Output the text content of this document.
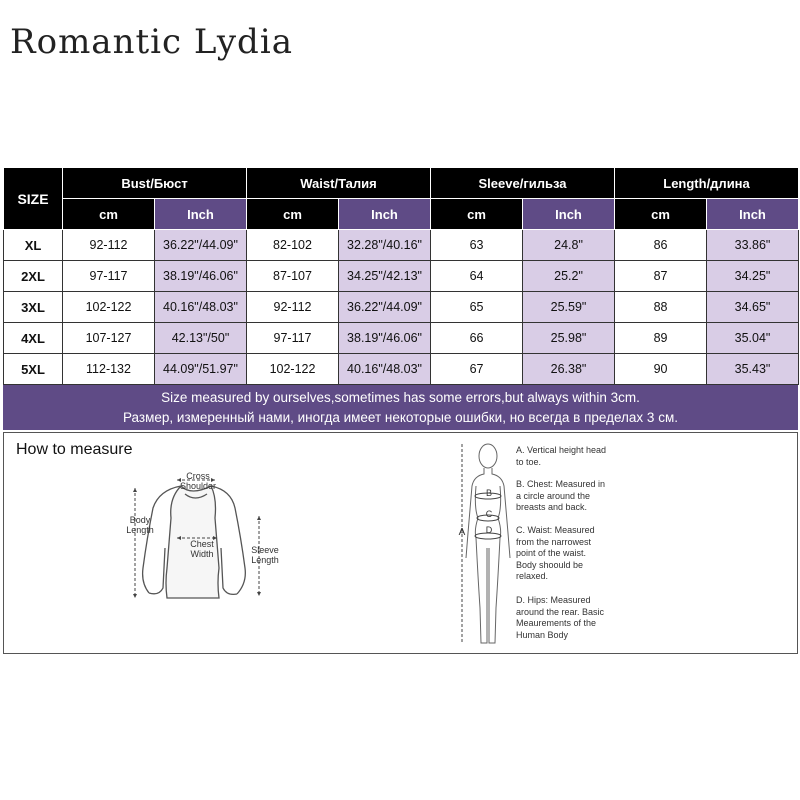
Romantic Lydia
SIZE	Bust/Бюст		Waist/Талия		Sleeve/гильза		Length/длина	
	cm	Inch	cm	Inch	cm	Inch	cm	Inch
XL	92-112	36.22"/44.09"	82-102	32.28"/40.16"	63	24.8"	86	33.86"
2XL	97-117	38.19"/46.06"	87-107	34.25"/42.13"	64	25.2"	87	34.25"
3XL	102-122	40.16"/48.03"	92-112	36.22"/44.09"	65	25.59"	88	34.65"
4XL	107-127	42.13"/50"	97-117	38.19"/46.06"	66	25.98"	89	35.04"
5XL	112-132	44.09"/51.97"	102-122	40.16"/48.03"	67	26.38"	90	35.43"
Size measured by ourselves,sometimes has some errors,but always within 3cm.
Размер, измеренный нами, иногда имеет некоторые ошибки, но всегда в пределах 3 см.
How to measure
Cross Shoulder
Body Length
Chest Width	Sleeve Length
A
B
C
D
A. Vertical height head to toe.
B. Chest: Measured in a circle around the breasts and back.
C. Waist: Measured from the narrowest point of the waist. Body shoould be relaxed.
D. Hips: Measured around the rear. Basic Meaurements of the Human Body
